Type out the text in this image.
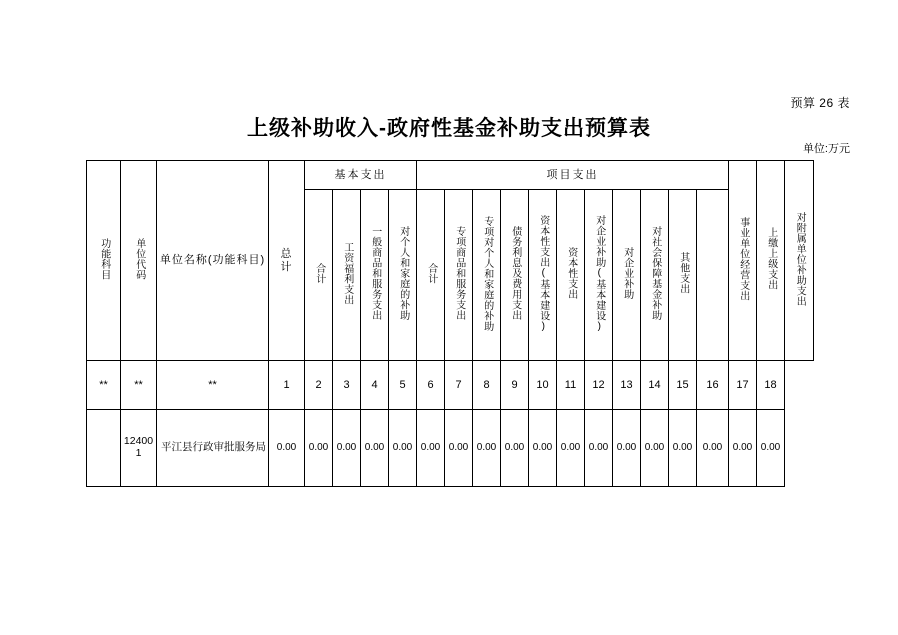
预算 26 表
上级补助收入-政府性基金补助支出预算表
单位:万元
功能科目	单位代码	单位名称(功能科目)	总　计	基本支出				项目支出											事业单位经营支出	上缴上级支出	对附属单位补助支出
				合计	工资福利支出	一般商品和服务支出	对个人和家庭的补助	合计	专项商品和服务支出	专项对个人和家庭的补助	债务利息及费用支出	资本性支出(基本建设)	资本性支出	对企业补助(基本建设)	对企业补助	对社会保障基金补助	其他支出				
**	**	**	1	2	3	4	5	6	7	8	9	10	11	12	13	14	15	16	17	18	
	124001	平江县行政审批服务局	0.00	0.00	0.00	0.00	0.00	0.00	0.00	0.00	0.00	0.00	0.00	0.00	0.00	0.00	0.00	0.00	0.00	0.00	
